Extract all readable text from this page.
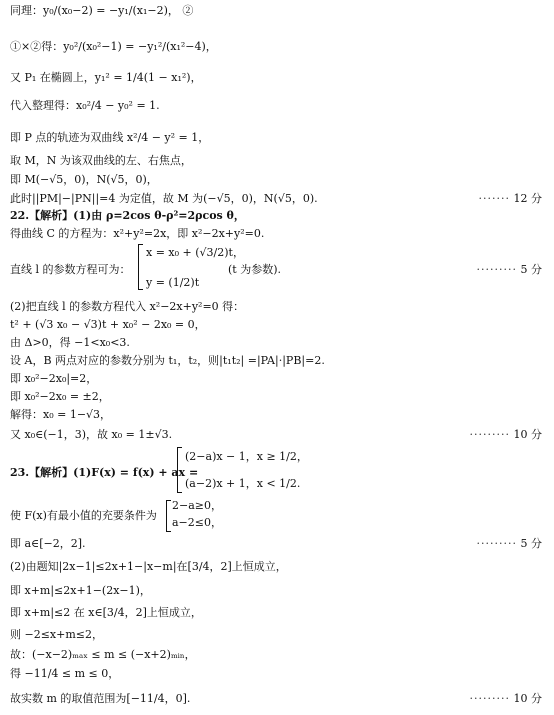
同理：y₀/(x₀−2) = −y₁/(x₁−2)， ②
①×②得：y₀²/(x₀²−1) = −y₁²/(x₁²−4)，
又 P₁ 在椭圆上，y₁² = 1/4(1 − x₁²)，
代入整理得：x₀²/4 − y₀² = 1.
即 P 点的轨迹为双曲线 x²/4 − y² = 1，
取 M，N 为该双曲线的左、右焦点，
即 M(−√5，0)，N(√5，0)，
此时||PM|−|PN||=4 为定值，故 M 为(−√5，0)，N(√5，0).	······· 12 分
22.【解析】(1)由 ρ=2cos θ-ρ²=2ρcos θ，
得曲线 C 的方程为：x²+y²=2x，即 x²−2x+y²=0.
直线 l 的参数方程可为：
x = x₀ + (√3/2)t，
y = (1/2)t
(t 为参数).	········· 5 分
(2)把直线 l 的参数方程代入 x²−2x+y²=0 得：
t² + (√3 x₀ − √3)t + x₀² − 2x₀ = 0，
由 Δ>0，得 −1<x₀<3.
设 A，B 两点对应的参数分别为 t₁，t₂，则|t₁t₂| =|PA|·|PB|=2.
即 x₀²−2x₀|=2，
即 x₀²−2x₀ = ±2，
解得：x₀ = 1−√3，
又 x₀∈(−1，3)，故 x₀ = 1±√3.	········· 10 分
23.【解析】(1)F(x) = f(x) + ax =
(2−a)x − 1，x ≥ 1/2，
(a−2)x + 1，x < 1/2.
使 F(x)有最小值的充要条件为
2−a≥0，
a−2≤0，
即 a∈[−2，2].	········· 5 分
(2)由题知|2x−1|≤2x+1−|x−m|在[3/4，2]上恒成立，
即 x+m|≤2x+1−(2x−1)，
即 x+m|≤2 在 x∈[3/4，2]上恒成立，
则 −2≤x+m≤2，
故：(−x−2)ₘₐₓ ≤ m ≤ (−x+2)ₘᵢₙ，
得 −11/4 ≤ m ≤ 0，
故实数 m 的取值范围为[−11/4，0].	········· 10 分
